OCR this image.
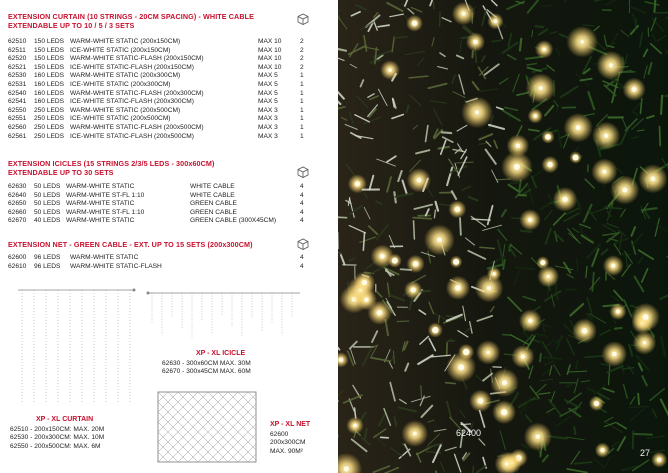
EXTENSION CURTAIN (10 STRINGS - 20CM SPACING) - WHITE CABLE
EXTENDABLE UP TO 10 / 5 / 3 SETS
62510 150 LEDS WARM-WHITE STATIC (200x150CM)	MAX 10	2
62511 150 LEDS ICE-WHITE STATIC (200x150CM)	MAX 10	2
62520 150 LEDS WARM-WHITE STATIC-FLASH (200x150CM)	MAX 10	2
62521 150 LEDS ICE-WHITE STATIC-FLASH (200x150CM)	MAX 10	2
62530 160 LEDS WARM-WHITE STATIC (200x300CM)	MAX 5	1
62531 160 LEDS ICE-WHITE STATIC (200x300CM)	MAX 5	1
62540 160 LEDS WARM-WHITE STATIC-FLASH (200x300CM)	MAX 5	1
62541 160 LEDS ICE-WHITE STATIC-FLASH (200x300CM)	MAX 5	1
62550 250 LEDS WARM-WHITE STATIC (200x500CM)	MAX 3	1
62551 250 LEDS ICE-WHITE STATIC (200x500CM)	MAX 3	1
62560 250 LEDS WARM-WHITE STATIC-FLASH (200x500CM)	MAX 3	1
62561 250 LEDS ICE-WHITE STATIC-FLASH (200x500CM)	MAX 3	1
EXTENSION ICICLES (15 STRINGS 2/3/5 LEDS - 300x60CM)
EXTENDABLE UP TO 30 SETS
62630 50 LEDS WARM-WHITE STATIC	WHITE CABLE	4
62640 50 LEDS WARM-WHITE ST-FL 1:10	WHITE CABLE	4
62650 50 LEDS WARM-WHITE STATIC	GREEN CABLE	4
62660 50 LEDS WARM-WHITE ST-FL 1:10	GREEN CABLE	4
62670 40 LEDS WARM-WHITE STATIC	GREEN CABLE (300X45CM)	4
EXTENSION NET - GREEN CABLE - EXT. UP TO 15 SETS (200x300CM)
62600 96 LEDS WARM-WHITE STATIC	4
62610 96 LEDS WARM-WHITE STATIC-FLASH	4
XP - XL ICICLE
62630 - 300x60CM MAX. 30M
62670 - 300x45CM MAX. 60M
XP - XL CURTAIN
62510 - 200x150CM: MAX. 20M
62530 - 200x300CM: MAX. 10M
62550 - 200x500CM: MAX. 6M
XP - XL NET
62600
200x300CM
MAX. 90M²
62400
27
